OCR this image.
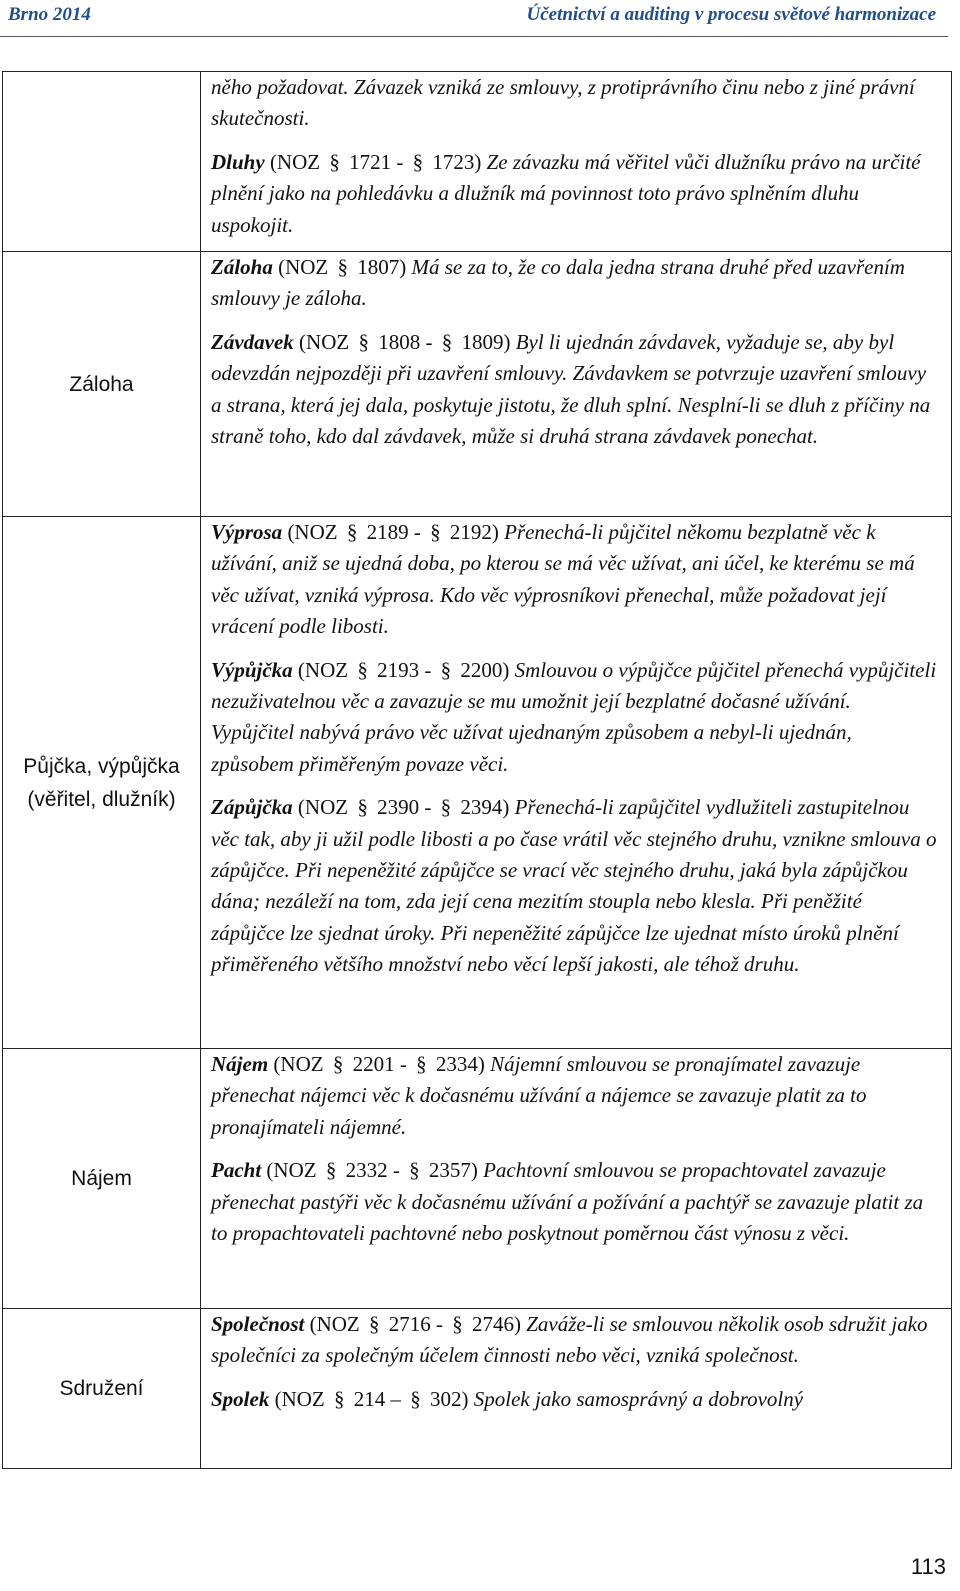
Brno 2014	Účetnictví a auditing v procesu světové harmonizace

	něho požadovat. Závazek vzniká ze smlouvy, z protiprávního činu nebo z jiné právní skutečnosti.

Dluhy (NOZ § 1721 - § 1723) Ze závazku má věřitel vůči dlužníku právo na určité plnění jako na pohledávku a dlužník má povinnost toto právo splněním dluhu uspokojit.

Záloha	Záloha (NOZ § 1807) Má se za to, že co dala jedna strana druhé před uzavřením smlouvy je záloha.

Závdavek (NOZ § 1808 - § 1809) Byl li ujednán závdavek, vyžaduje se, aby byl odevzdán nejpozději při uzavření smlouvy. Závdavkem se potvrzuje uzavření smlouvy a strana, která jej dala, poskytuje jistotu, že dluh splní. Nesplní-li se dluh z příčiny na straně toho, kdo dal závdavek, může si druhá strana závdavek ponechat.

Půjčka, výpůjčka (věřitel, dlužník)	Výprosa (NOZ § 2189 - § 2192) Přenechá-li půjčitel někomu bezplatně věc k užívání, aniž se ujedná doba, po kterou se má věc užívat, ani účel, ke kterému se má věc užívat, vzniká výprosa. Kdo věc výprosníkovi přenechal, může požadovat její vrácení podle libosti.

Výpůjčka (NOZ § 2193 - § 2200) Smlouvou o výpůjčce půjčitel přenechá vypůjčiteli nezuživatelnou věc a zavazuje se mu umožnit její bezplatné dočasné užívání. Vypůjčitel nabývá právo věc užívat ujednaným způsobem a nebyl-li ujednán, způsobem přiměřeným povaze věci.

Zápůjčka (NOZ § 2390 - § 2394) Přenechá-li zapůjčitel vydlužiteli zastupitelnou věc tak, aby ji užil podle libosti a po čase vrátil věc stejného druhu, vznikne smlouva o zápůjčce. Při nepeněžité zápůjčce se vrací věc stejného druhu, jaká byla zápůjčkou dána; nezáleží na tom, zda její cena mezitím stoupla nebo klesla. Při peněžité zápůjčce lze sjednat úroky. Při nepeněžité zápůjčce lze ujednat místo úroků plnění přiměřeného většího množství nebo věcí lepší jakosti, ale téhož druhu.

Nájem	Nájem (NOZ § 2201 - § 2334) Nájemní smlouvou se pronajímatel zavazuje přenechat nájemci věc k dočasnému užívání a nájemce se zavazuje platit za to pronajímateli nájemné.

Pacht (NOZ § 2332 - § 2357) Pachtovní smlouvou se propachtovatel zavazuje přenechat pastýři věc k dočasnému užívání a požívání a pachtýř se zavazuje platit za to propachtovateli pachtovné nebo poskytnout poměrnou část výnosu z věci.

Sdružení	Společnost (NOZ § 2716 - § 2746) Zaváže-li se smlouvou několik osob sdružit jako společníci za společným účelem činnosti nebo věci, vzniká společnost.

Spolek (NOZ § 214 – § 302) Spolek jako samosprávný a dobrovolný

113
